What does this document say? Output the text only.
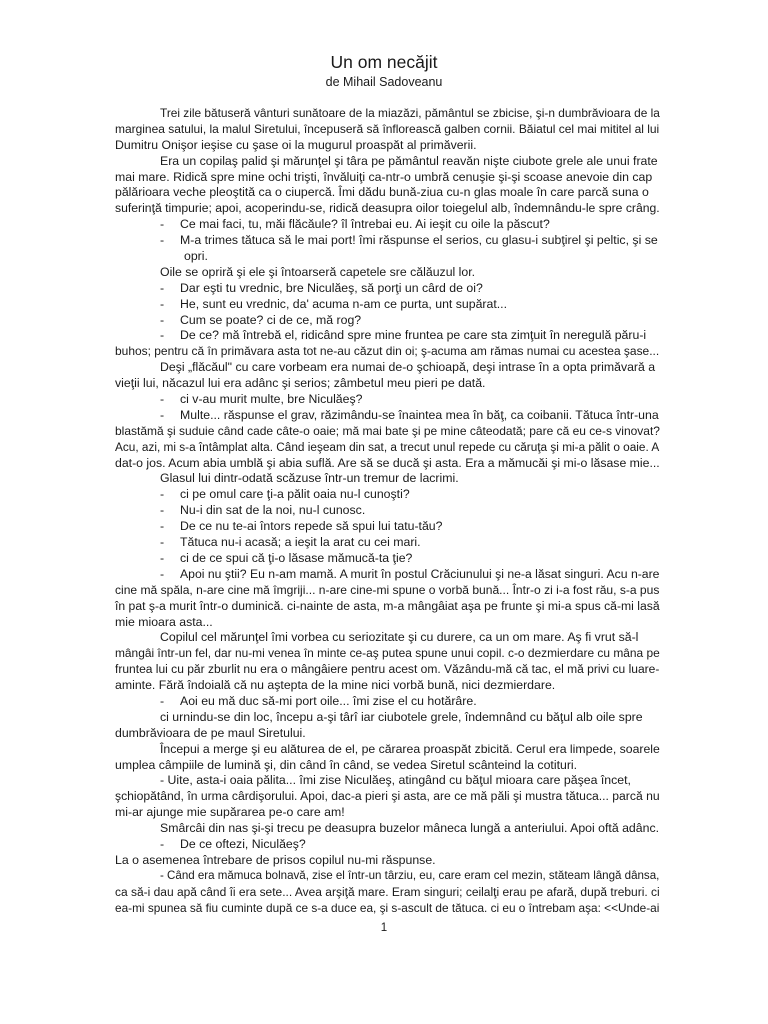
Un om necăjit
de Mihail Sadoveanu
Trei zile bătuseră vânturi sunătoare de la miazăzi, pământul se zbicise, şi-n dumbrăvioara de la
marginea satului, la malul Siretului, începuseră să înflorească galben cornii. Băiatul cel mai mititel al lui
Dumitru Onişor ieşise cu şase oi la mugurul proaspăt al primăverii.
Era un copilaş palid şi mărunţel şi târa pe pământul reavăn nişte ciubote grele ale unui frate
mai mare. Ridică spre mine ochi trişti, învăluiţi ca-ntr-o umbră cenuşie şi-şi scoase anevoie din cap
pălărioara veche pleoştită ca o ciupercă. Îmi dădu bună-ziua cu-n glas moale în care parcă suna o
suferinţă timpurie; apoi, acoperindu-se, ridică deasupra oilor toiegelul alb, îndemnându-le spre crâng.
- Ce mai faci, tu, măi flăcăule? îl întrebai eu. Ai ieşit cu oile la păscut?
- M-a trimes tătuca să le mai port! îmi răspunse el serios, cu glasu-i subţirel şi peltic, şi se
opri.
Oile se opriră şi ele şi întoarseră capetele sre călăuzul lor.
- Dar eşti tu vrednic, bre Niculăeş, să porţi un cârd de oi?
- He, sunt eu vrednic, da' acuma n-am ce purta, unt supărat...
- Cum se poate? ci de ce, mă rog?
- De ce? mă întrebă el, ridicând spre mine fruntea pe care sta zimţuit în neregulă păru-i
buhos; pentru că în primăvara asta tot ne-au căzut din oi; ş-acuma am rămas numai cu acestea şase...
Deşi „flăcăul" cu care vorbeam era numai de-o şchioapă, deşi intrase în a opta primăvară a
vieţii lui, năcazul lui era adânc şi serios; zâmbetul meu pieri pe dată.
- ci v-au murit multe, bre Niculăeş?
- Multe... răspunse el grav, răzimându-se înaintea mea în băţ, ca coibanii. Tătuca într-una
blastămă şi suduie când cade câte-o oaie; mă mai bate şi pe mine câteodată; pare că eu ce-s vinovat?
Acu, azi, mi s-a întâmplat alta. Când ieşeam din sat, a trecut unul repede cu căruţa şi mi-a pălit o oaie. A
dat-o jos. Acum abia umblă şi abia suflă. Are să se ducă şi asta. Era a mămucăi şi mi-o lăsase mie...
Glasul lui dintr-odată scăzuse într-un tremur de lacrimi.
- ci pe omul care ţi-a pălit oaia nu-l cunoşti?
- Nu-i din sat de la noi, nu-l cunosc.
- De ce nu te-ai întors repede să spui lui tatu-tău?
- Tătuca nu-i acasă; a ieşit la arat cu cei mari.
- ci de ce spui că ţi-o lăsase mămucă-ta ţie?
- Apoi nu ştii? Eu n-am mamă. A murit în postul Crăciunului şi ne-a lăsat singuri. Acu n-are
cine mă spăla, n-are cine mă îmgriji... n-are cine-mi spune o vorbă bună... Într-o zi i-a fost rău, s-a pus
în pat ş-a murit într-o duminică. ci-nainte de asta, m-a mângâiat aşa pe frunte şi mi-a spus că-mi lasă
mie mioara asta...
Copilul cel mărunţel îmi vorbea cu seriozitate şi cu durere, ca un om mare. Aş fi vrut să-l
mângâi într-un fel, dar nu-mi venea în minte ce-aş putea spune unui copil. c-o dezmierdare cu mâna pe
fruntea lui cu păr zburlit nu era o mângâiere pentru acest om. Văzându-mă că tac, el mă privi cu luare-
aminte. Fără îndoială că nu aştepta de la mine nici vorbă bună, nici dezmierdare.
- Aoi eu mă duc să-mi port oile... îmi zise el cu hotărâre.
ci urnindu-se din loc, începu a-şi târî iar ciubotele grele, îndemnând cu băţul alb oile spre
dumbrăvioara de pe maul Siretului.
Începui a merge şi eu alăturea de el, pe cărarea proaspăt zbicită. Cerul era limpede, soarele
umplea câmpiile de lumină şi, din când în când, se vedea Siretul scânteind la cotituri.
- Uite, asta-i oaia pălita... îmi zise Niculăeş, atingând cu băţul mioara care păşea încet,
şchiopătând, în urma cârdişorului. Apoi, dac-a pieri şi asta, are ce mă păli şi mustra tătuca... parcă nu
mi-ar ajunge mie supărarea pe-o care am!
Smârcâi din nas şi-şi trecu pe deasupra buzelor mâneca lungă a anteriului. Apoi oftă adânc.
- De ce oftezi, Niculăeş?
La o asemenea întrebare de prisos copilul nu-mi răspunse.
- Când era mămuca bolnavă, zise el într-un târziu, eu, care eram cel mezin, stăteam lângă dânsa,
ca să-i dau apă când îi era sete... Avea arşiţă mare. Eram singuri; ceilalţi erau pe afară, după treburi. ci
ea-mi spunea să fiu cuminte după ce s-a duce ea, şi s-ascult de tătuca. ci eu o întrebam aşa: <<Unde-ai
1
